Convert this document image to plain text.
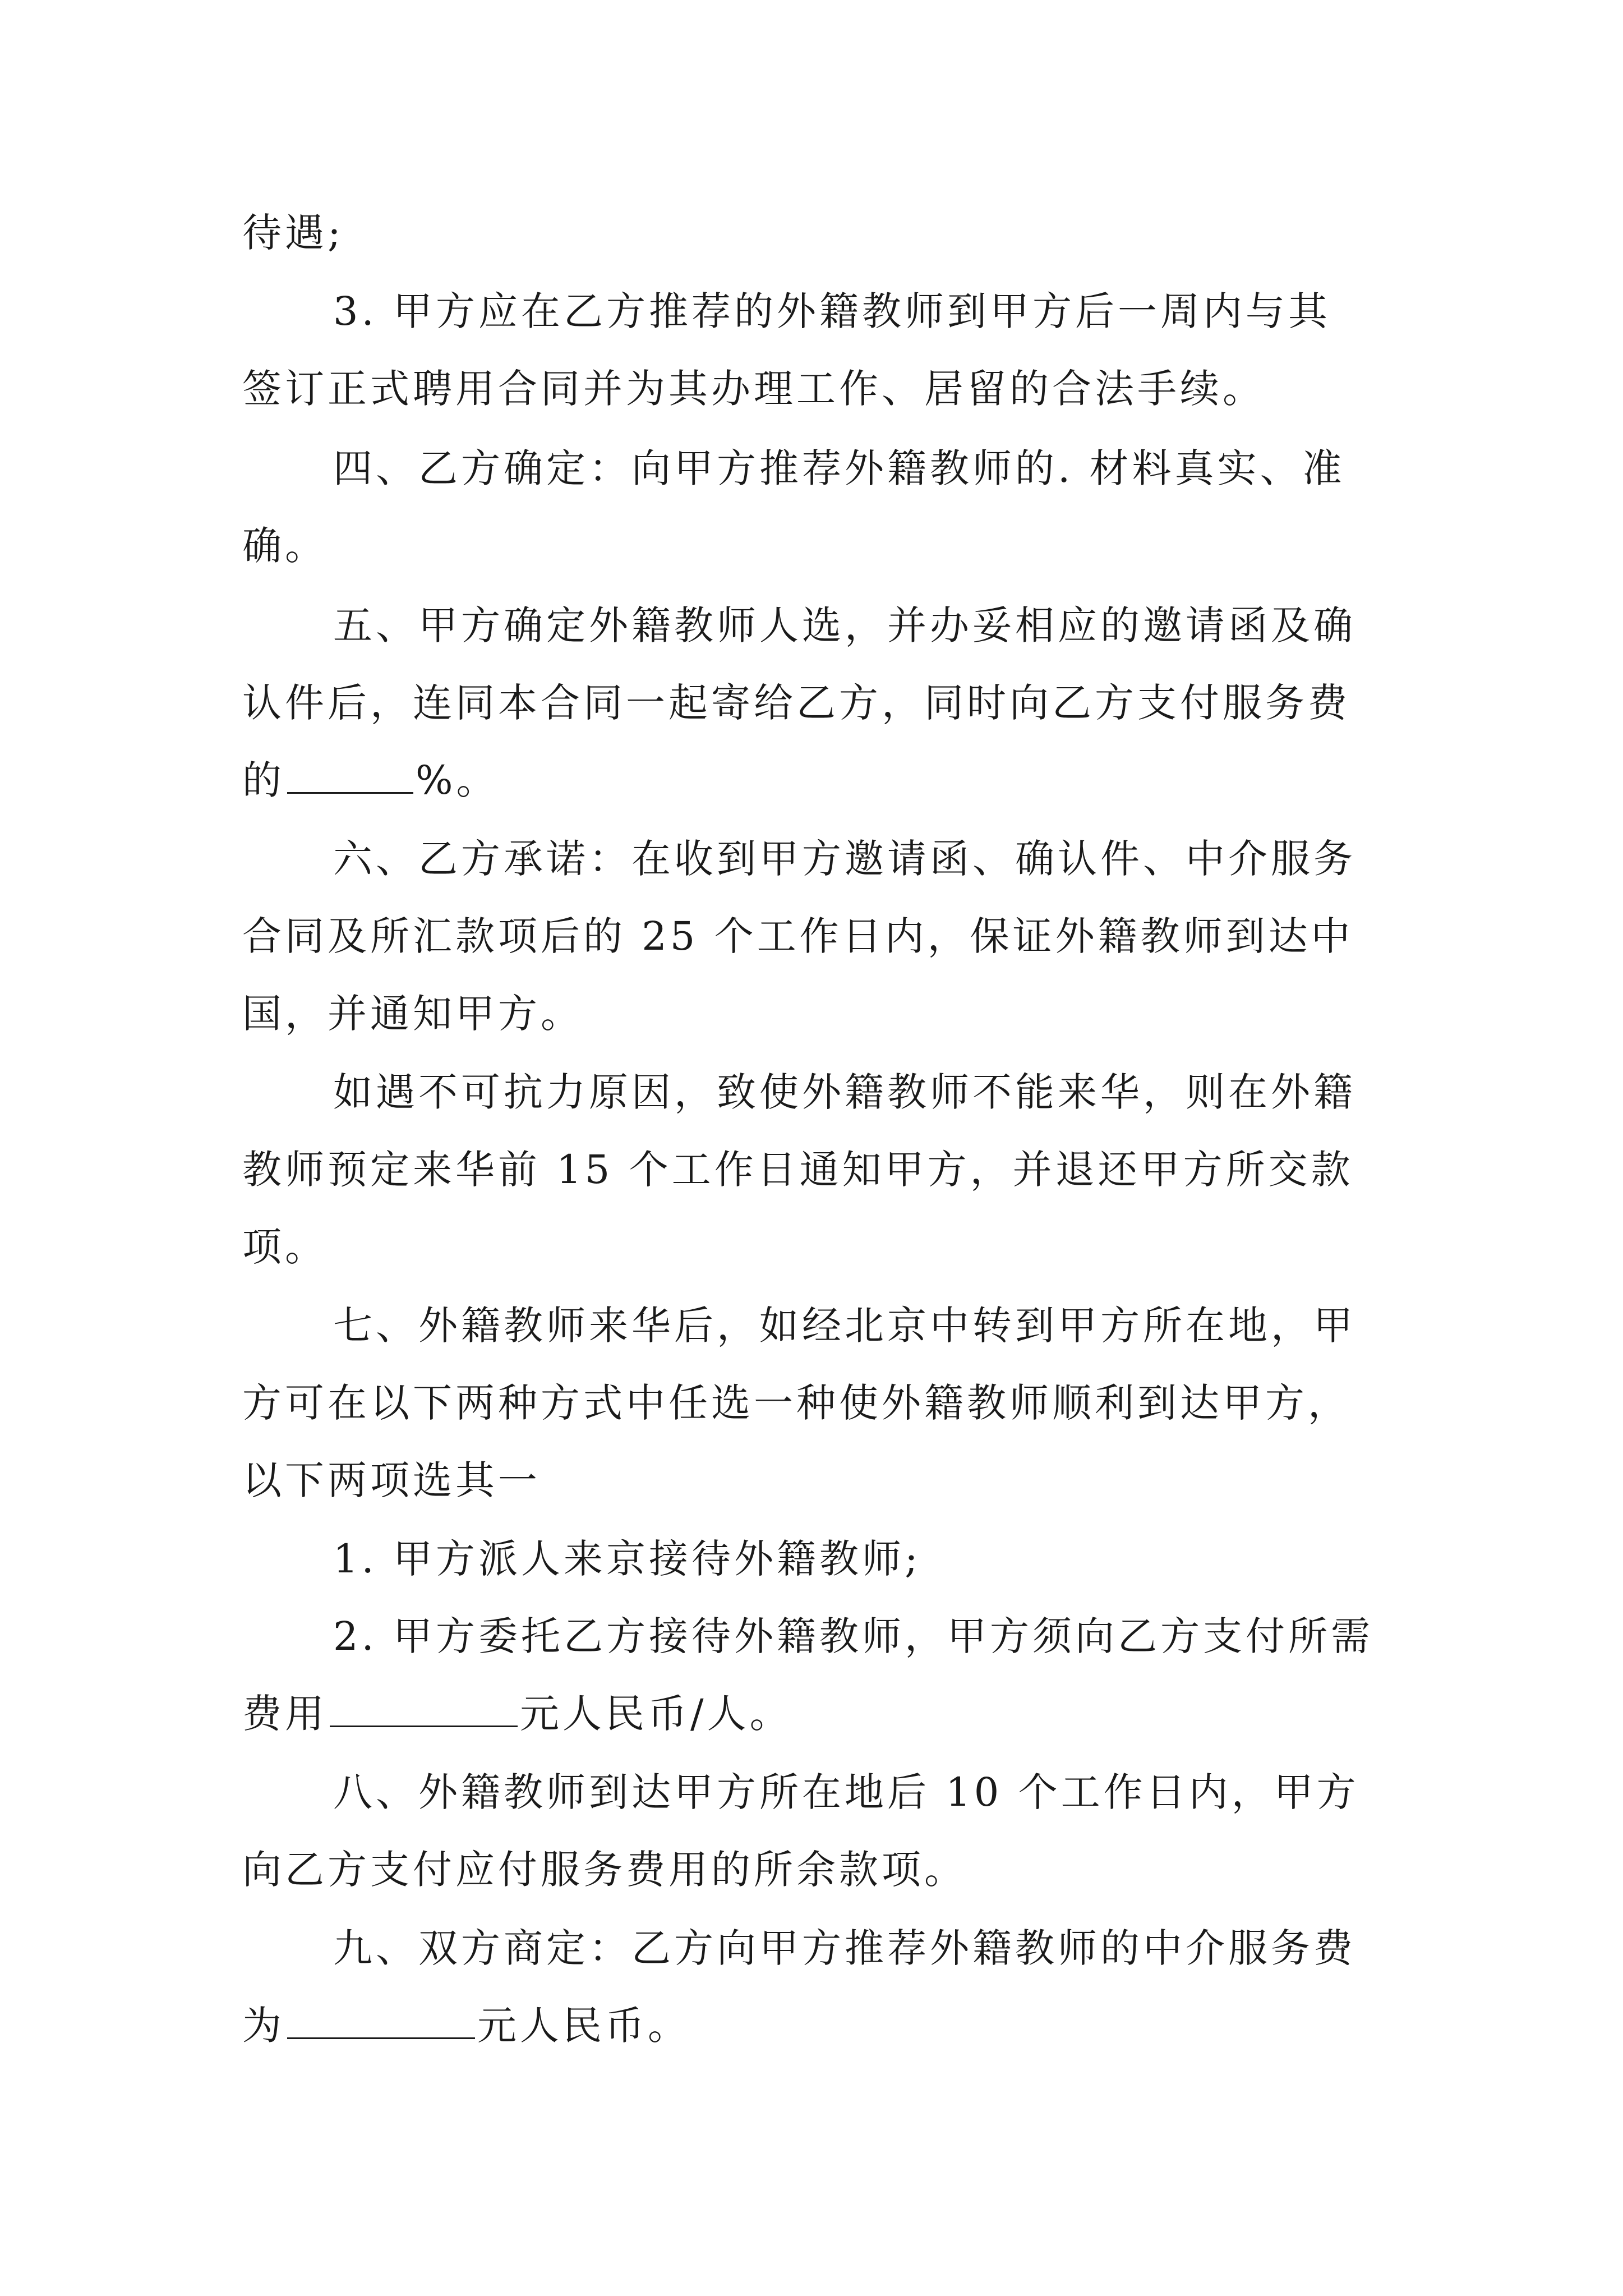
待遇;
3. 甲方应在乙方推荐的外籍教师到甲方后一周内与其
签订正式聘用合同并为其办理工作、居留的合法手续。
四、乙方确定：向甲方推荐外籍教师的. 材料真实、准
确。
五、甲方确定外籍教师人选，并办妥相应的邀请函及确
认件后，连同本合同一起寄给乙方，同时向乙方支付服务费
的	%。
六、乙方承诺：在收到甲方邀请函、确认件、中介服务
合同及所汇款项后的 25 个工作日内，保证外籍教师到达中
国，并通知甲方。
如遇不可抗力原因，致使外籍教师不能来华，则在外籍
教师预定来华前 15 个工作日通知甲方，并退还甲方所交款
项。
七、外籍教师来华后，如经北京中转到甲方所在地，甲
方可在以下两种方式中任选一种使外籍教师顺利到达甲方，
以下两项选其一
1. 甲方派人来京接待外籍教师;
2. 甲方委托乙方接待外籍教师，甲方须向乙方支付所需
费用	元人民币/人。
八、外籍教师到达甲方所在地后 10 个工作日内，甲方
向乙方支付应付服务费用的所余款项。
九、双方商定：乙方向甲方推荐外籍教师的中介服务费
为	元人民币。
